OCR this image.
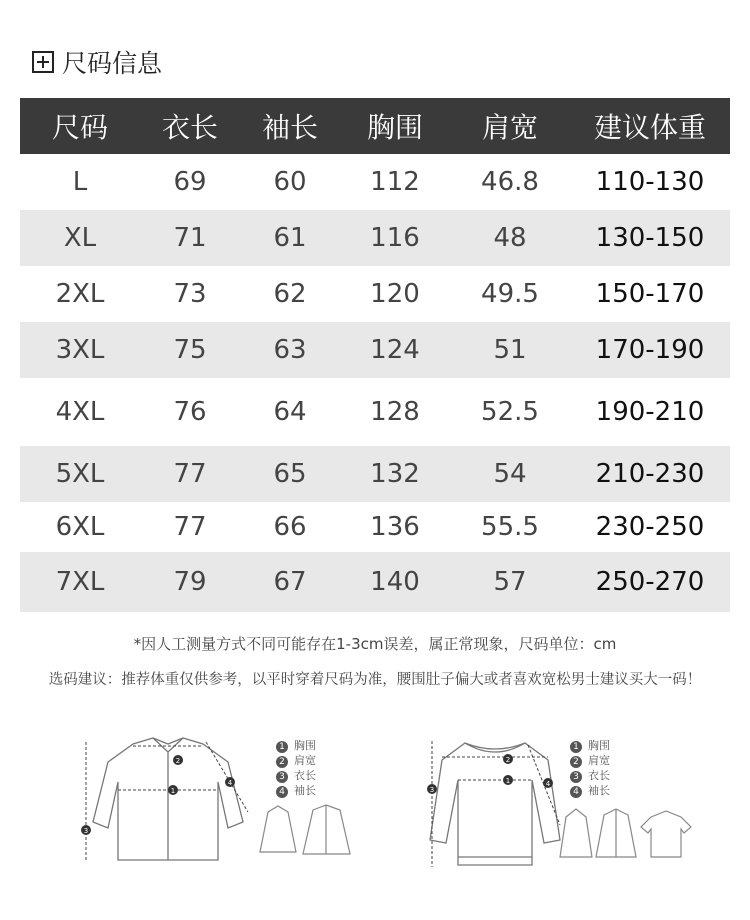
尺码信息
尺码	衣长	袖长	胸围	肩宽	建议体重
L	69	60	112	46.8	110-130
XL	71	61	116	48	130-150
2XL	73	62	120	49.5	150-170
3XL	75	63	124	51	170-190
4XL	76	64	128	52.5	190-210
5XL	77	65	132	54	210-230
6XL	77	66	136	55.5	230-250
7XL	79	67	140	57	250-270
*因人工测量方式不同可能存在1-3cm误差，属正常现象，尺码单位：cm
选码建议：推荐体重仅供参考，以平时穿着尺码为准，腰围肚子偏大或者喜欢宽松男士建议买大一码！
1
2
3
4
1 胸围
2 肩宽
3 衣长
4 袖长
1
2
3
4
1 胸围
2 肩宽
3 衣长
4 袖长
